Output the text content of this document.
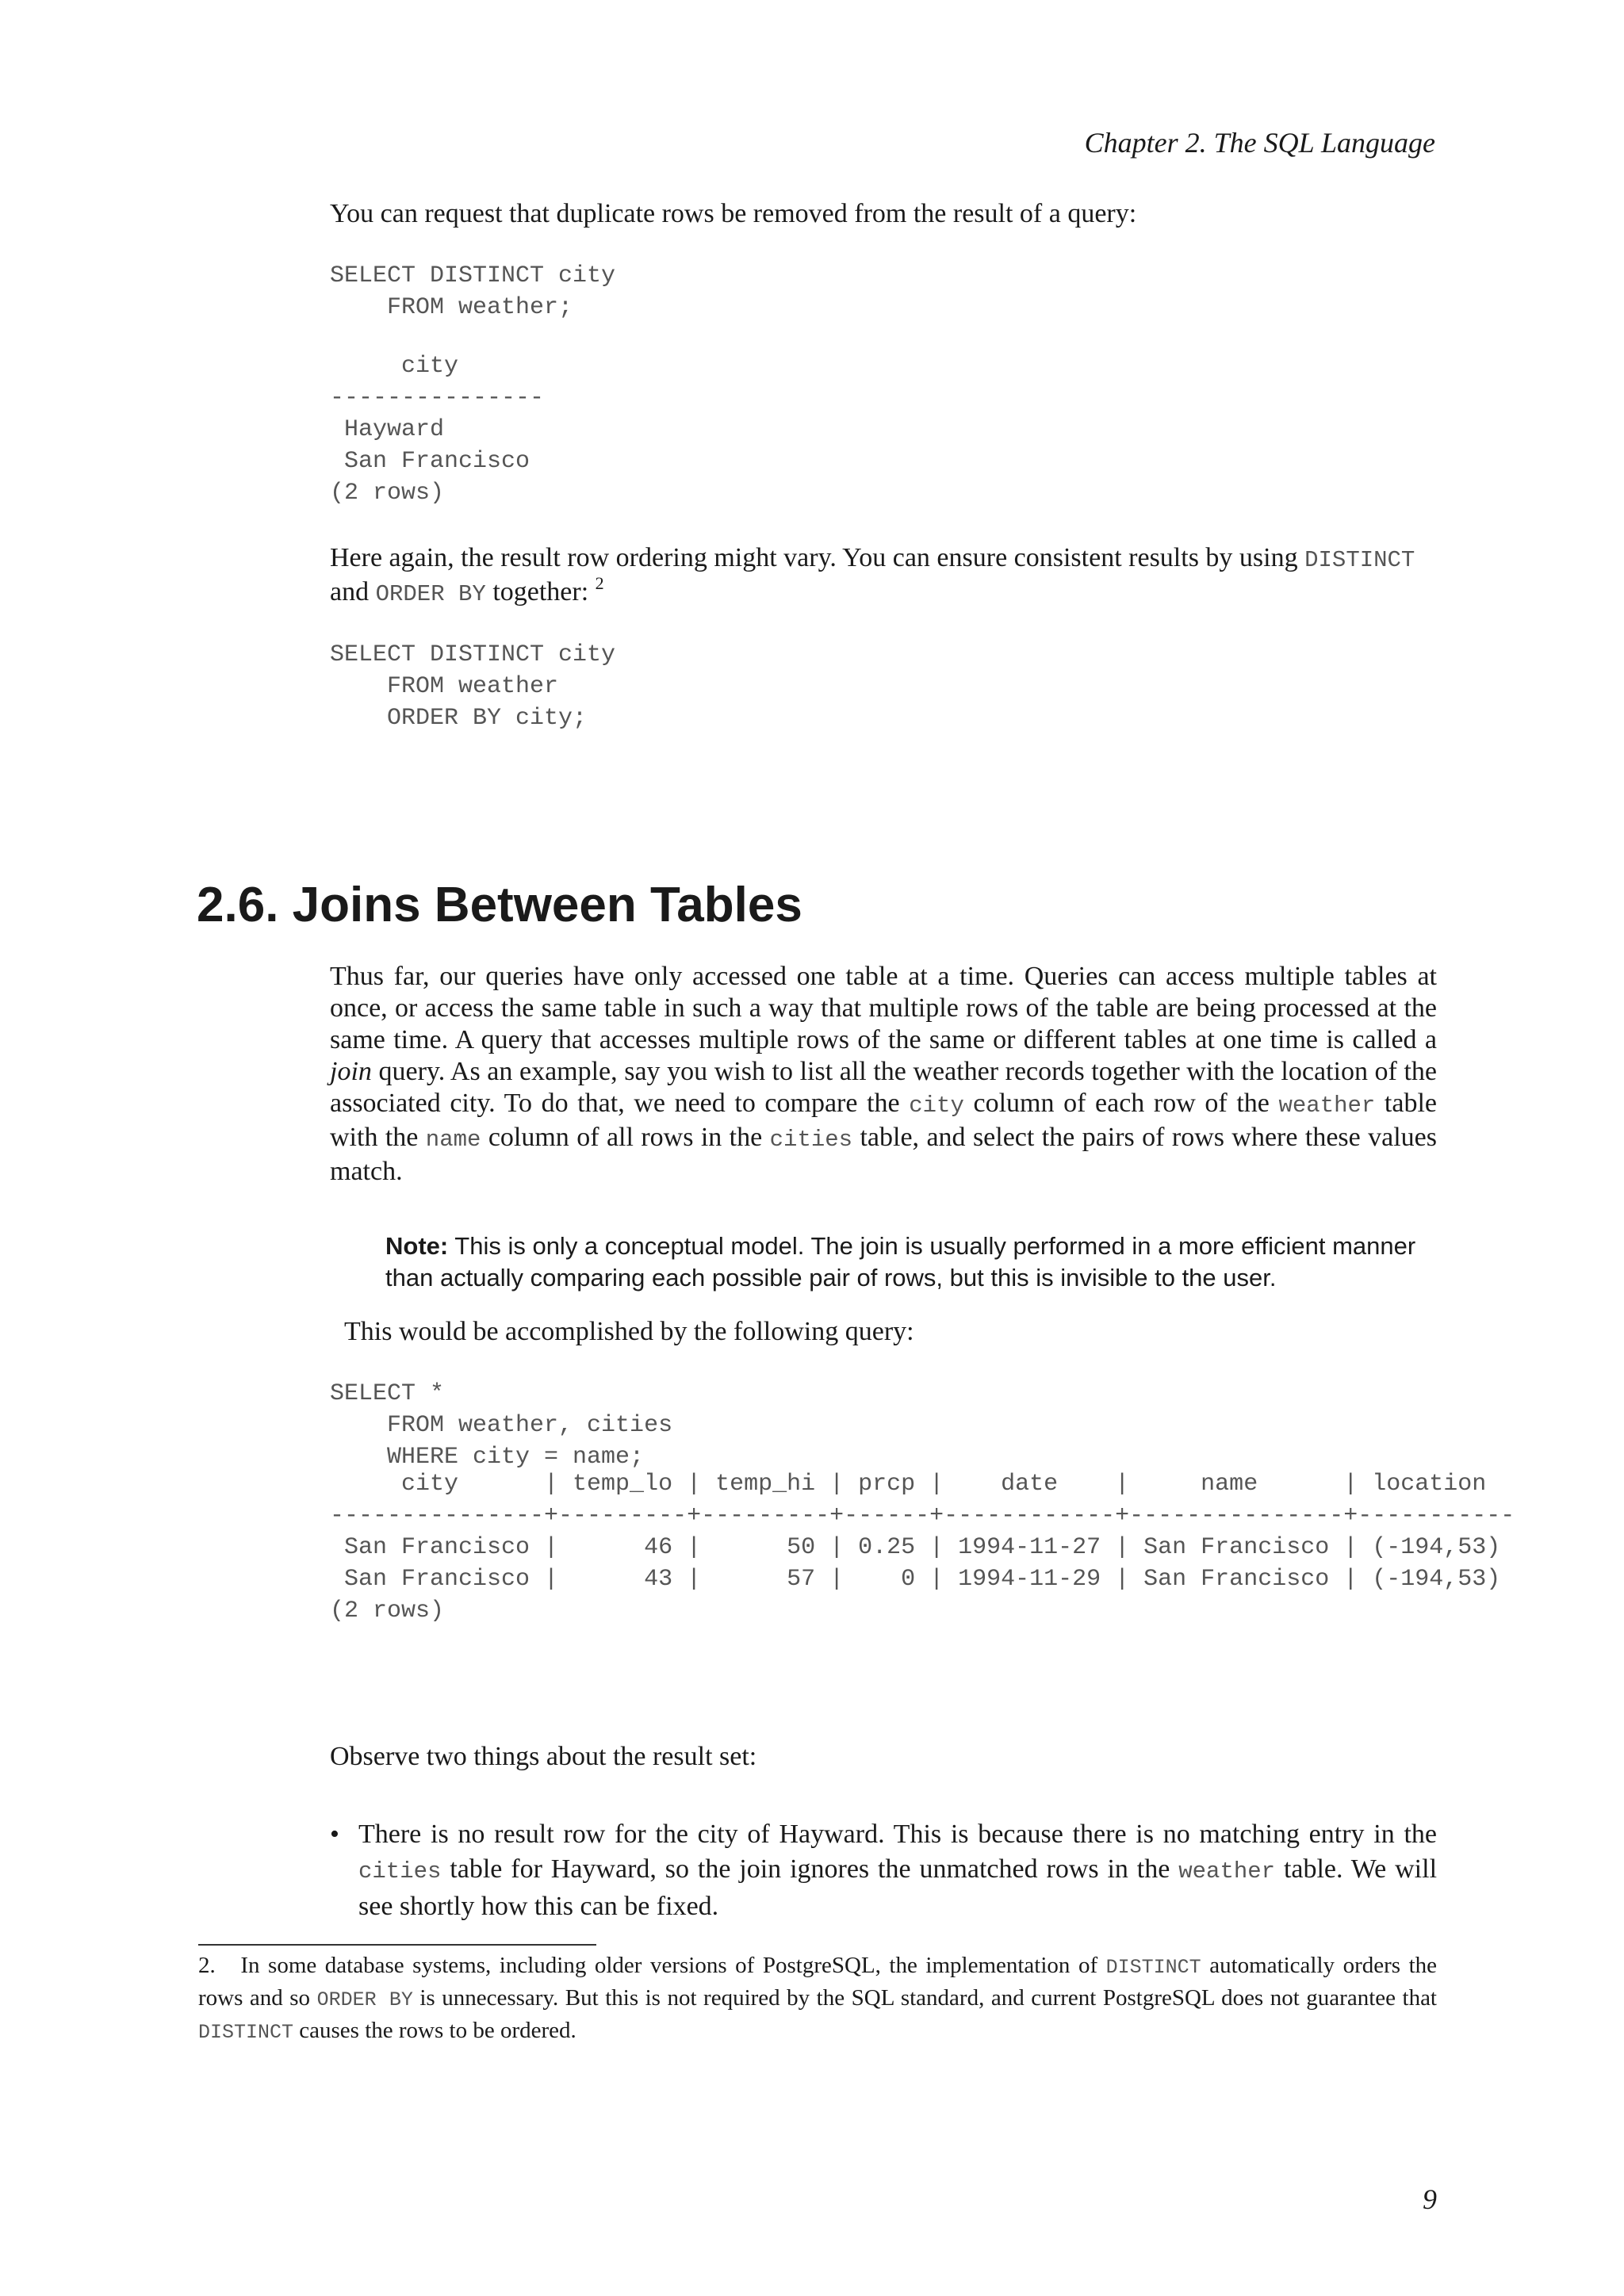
Chapter 2. The SQL Language
You can request that duplicate rows be removed from the result of a query:
SELECT DISTINCT city
FROM weather;
city
---------------
Hayward
San Francisco
(2 rows)
Here again, the result row ordering might vary. You can ensure consistent results by using DISTINCT
and ORDER BY together: $^2$
SELECT DISTINCT city
FROM weather
ORDER BY city;
2.6. Joins Between Tables
Thus far, our queries have only accessed one table at a time. Queries can access multiple tables at once, or access the same table in such a way that multiple rows of the table are being processed at the same time. A query that accesses multiple rows of the same or different tables at one time is called a join query. As an example, say you wish to list all the weather records together with the location of the associated city. To do that, we need to compare the city column of each row of the weather table with the name column of all rows in the cities table, and select the pairs of rows where these values match.
Note: This is only a conceptual model. The join is usually performed in a more efficient manner than actually comparing each possible pair of rows, but this is invisible to the user.
This would be accomplished by the following query:
SELECT *
FROM weather, cities
WHERE city = name;
city      | temp_lo | temp_hi | prcp |    date    |     name      | location
---------------+---------+---------+------+------------+---------------+-----------
San Francisco |      46 |      50 | 0.25 | 1994-11-27 | San Francisco | (-194,53)
San Francisco |      43 |      57 |    0 | 1994-11-29 | San Francisco | (-194,53)
(2 rows)
Observe two things about the result set:
• There is no result row for the city of Hayward. This is because there is no matching entry in the cities table for Hayward, so the join ignores the unmatched rows in the weather table. We will see shortly how this can be fixed.
2. In some database systems, including older versions of PostgreSQL, the implementation of DISTINCT automatically orders the rows and so ORDER BY is unnecessary. But this is not required by the SQL standard, and current PostgreSQL does not guarantee that DISTINCT causes the rows to be ordered.
9
